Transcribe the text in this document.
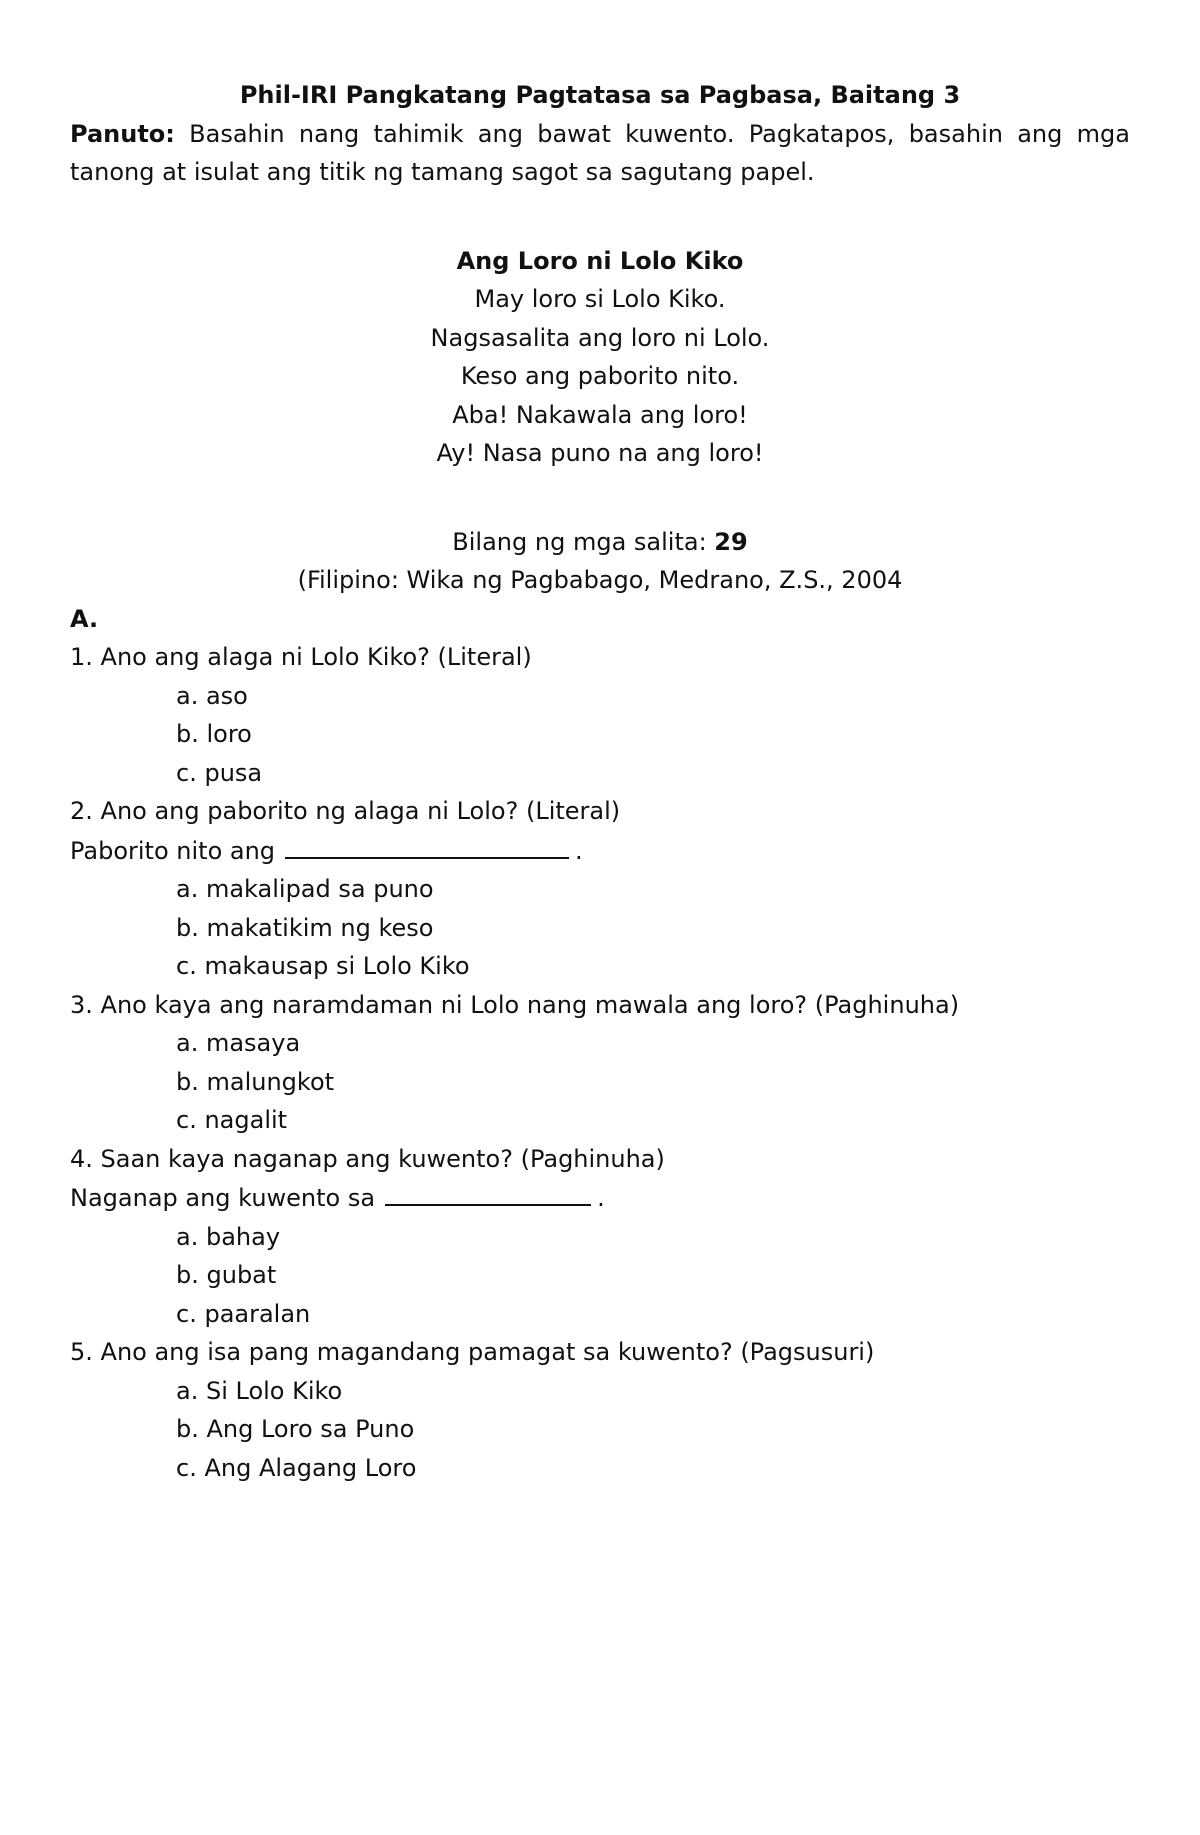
Phil-IRI Pangkatang Pagtatasa sa Pagbasa, Baitang 3
Panuto: Basahin nang tahimik ang bawat kuwento. Pagkatapos, basahin ang mga tanong at isulat ang titik ng tamang sagot sa sagutang papel.
Ang Loro ni Lolo Kiko
May loro si Lolo Kiko.
Nagsasalita ang loro ni Lolo.
Keso ang paborito nito.
Aba! Nakawala ang loro!
Ay! Nasa puno na ang loro!
Bilang ng mga salita: 29
(Filipino: Wika ng Pagbabago, Medrano, Z.S., 2004
A.
1. Ano ang alaga ni Lolo Kiko? (Literal)
a. aso
b. loro
c. pusa
2. Ano ang paborito ng alaga ni Lolo? (Literal)
Paborito nito ang	.
a. makalipad sa puno
b. makatikim ng keso
c. makausap si Lolo Kiko
3. Ano kaya ang naramdaman ni Lolo nang mawala ang loro? (Paghinuha)
a. masaya
b. malungkot
c. nagalit
4. Saan kaya naganap ang kuwento? (Paghinuha)
Naganap ang kuwento sa	.
a. bahay
b. gubat
c. paaralan
5. Ano ang isa pang magandang pamagat sa kuwento? (Pagsusuri)
a. Si Lolo Kiko
b. Ang Loro sa Puno
c. Ang Alagang Loro
